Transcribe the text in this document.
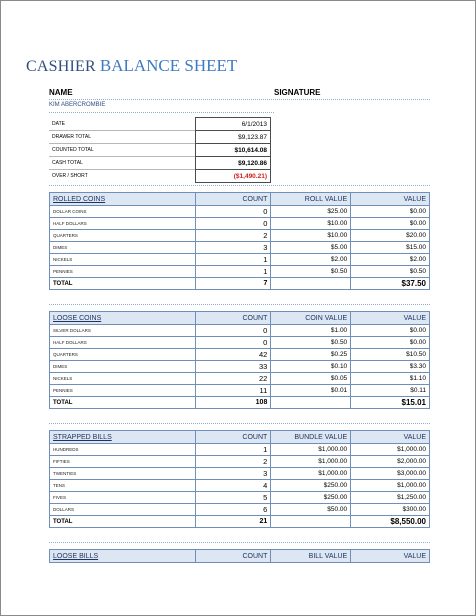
CASHIER BALANCE SHEET
NAME	SIGNATURE
KIM ABERCROMBIE
DATE	6/1/2013
DRAWER TOTAL	$9,123.87
COUNTED TOTAL	$10,614.08
CASH TOTAL	$9,120.86
OVER / SHORT	($1,490.21)
ROLLED COINS	COUNT	ROLL VALUE	VALUE
DOLLAR COINS	0	$25.00	$0.00
HALF DOLLARS	0	$10.00	$0.00
QUARTERS	2	$10.00	$20.00
DIMES	3	$5.00	$15.00
NICKELS	1	$2.00	$2.00
PENNIES	1	$0.50	$0.50
TOTAL	7		$37.50
LOOSE COINS	COUNT	COIN VALUE	VALUE
SILVER DOLLARS	0	$1.00	$0.00
HALF DOLLARS	0	$0.50	$0.00
QUARTERS	42	$0.25	$10.50
DIMES	33	$0.10	$3.30
NICKELS	22	$0.05	$1.10
PENNIES	11	$0.01	$0.11
TOTAL	108		$15.01
STRAPPED BILLS	COUNT	BUNDLE VALUE	VALUE
HUNDREDS	1	$1,000.00	$1,000.00
FIFTIES	2	$1,000.00	$2,000.00
TWENTIES	3	$1,000.00	$3,000.00
TENS	4	$250.00	$1,000.00
FIVES	5	$250.00	$1,250.00
DOLLARS	6	$50.00	$300.00
TOTAL	21		$8,550.00
LOOSE BILLS	COUNT	BILL VALUE	VALUE
